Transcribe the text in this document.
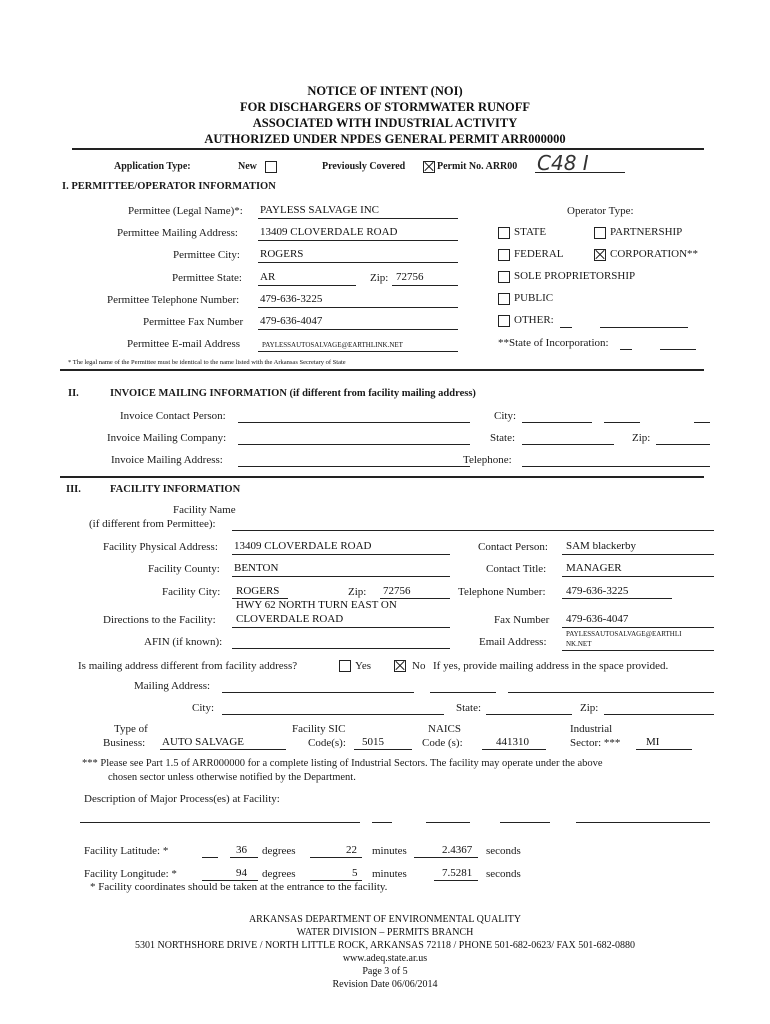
NOTICE OF INTENT (NOI)
FOR DISCHARGERS OF STORMWATER RUNOFF
ASSOCIATED WITH INDUSTRIAL ACTIVITY
AUTHORIZED UNDER NPDES GENERAL PERMIT ARR000000
Application Type:	New	Previously Covered	Permit No. ARR00 C48 I
I. PERMITTEE/OPERATOR INFORMATION
Permittee (Legal Name)*: PAYLESS SALVAGE INC
Permittee Mailing Address: 13409 CLOVERDALE ROAD
Permittee City: ROGERS
Permittee State: AR	Zip: 72756
Permittee Telephone Number: 479-636-3225
Permittee Fax Number 479-636-4047
Permittee E-mail Address	PAYLESSAUTOSALVAGE@EARTHLINK.NET
Operator Type:
STATE	PARTNERSHIP
FEDERAL	CORPORATION**
SOLE PROPRIETORSHIP
PUBLIC
OTHER:
**State of Incorporation:
* The legal name of the Permittee must be identical to the name listed with the Arkansas Secretary of State
II.	INVOICE MAILING INFORMATION (if different from facility mailing address)
Invoice Contact Person:	City:
Invoice Mailing Company:	State:	Zip:
Invoice Mailing Address:	Telephone:
III.	FACILITY INFORMATION
Facility Name
(if different from Permittee):
Facility Physical Address: 13409 CLOVERDALE ROAD	Contact Person: SAM blackerby
Facility County: BENTON	Contact Title: MANAGER
Facility City: ROGERS	Zip: 72756	Telephone Number: 479-636-3225
HWY 62 NORTH TURN EAST ON
Directions to the Facility: CLOVERDALE ROAD	Fax Number 479-636-4047
AFIN (if known):	Email Address:
PAYLESSAUTOSALVAGE@EARTHLI
NK.NET
Is mailing address different from facility address?	Yes	No If yes, provide mailing address in the space provided.
Mailing Address:
City:	State:	Zip:
Type of
Business: AUTO SALVAGE
Facility SIC
Code(s): 5015
NAICS
Code (s):	441310
Industrial
Sector: *** MI
*** Please see Part 1.5 of ARR000000 for a complete listing of Industrial Sectors. The facility may operate under the above
chosen sector unless otherwise notified by the Department.
Description of Major Process(es) at Facility:
Facility Latitude: *	36 degrees	22 minutes	2.4367 seconds
Facility Longitude: *	94 degrees	5 minutes	7.5281 seconds
* Facility coordinates should be taken at the entrance to the facility.
ARKANSAS DEPARTMENT OF ENVIRONMENTAL QUALITY
WATER DIVISION – PERMITS BRANCH
5301 NORTHSHORE DRIVE / NORTH LITTLE ROCK, ARKANSAS 72118 / PHONE 501-682-0623/ FAX 501-682-0880
www.adeq.state.ar.us
Page 3 of 5
Revision Date 06/06/2014
